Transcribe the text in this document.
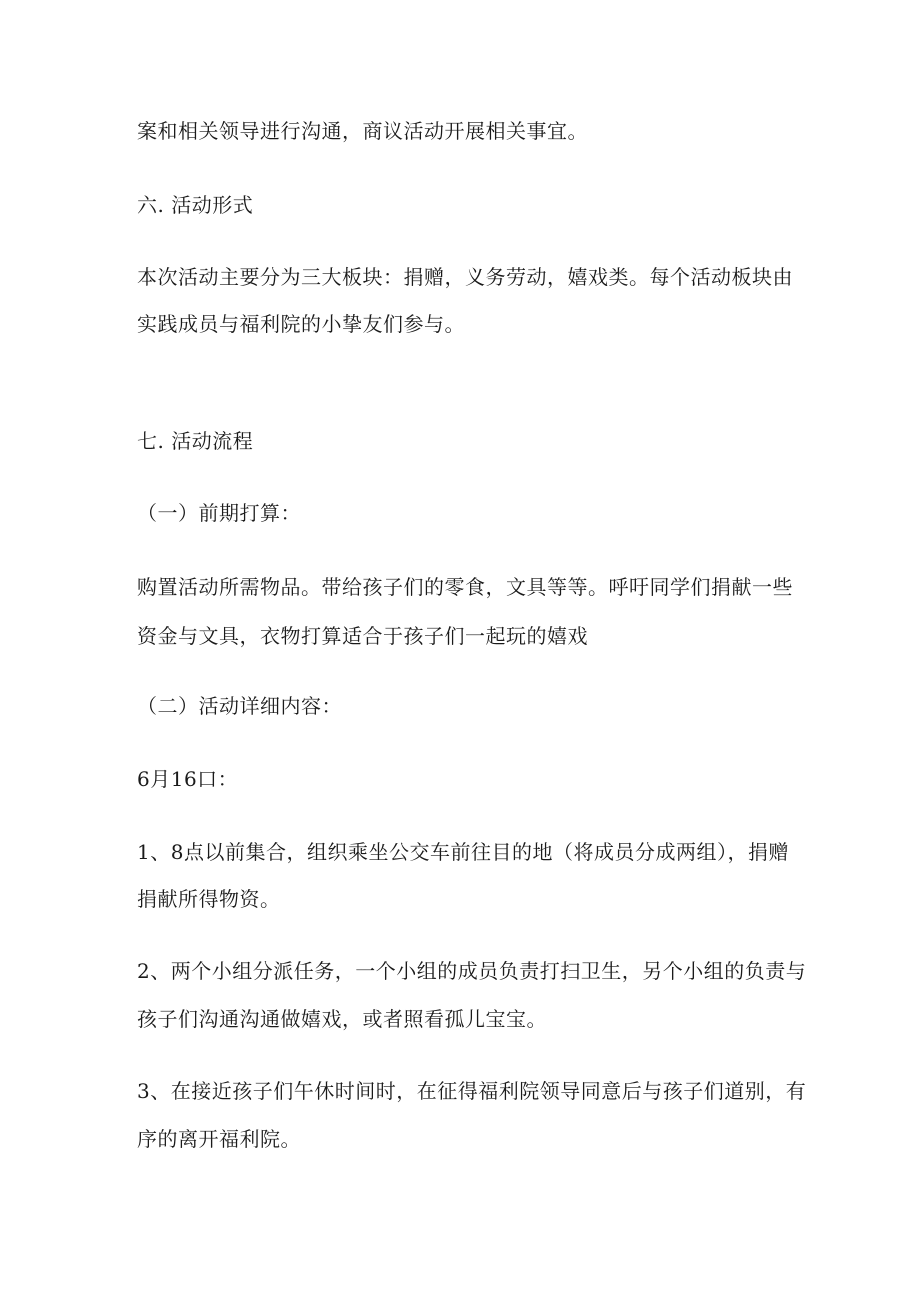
案和相关领导进行沟通，商议活动开展相关事宜。
六. 活动形式
本次活动主要分为三大板块：捐赠，义务劳动，嬉戏类。每个活动板块由
实践成员与福利院的小挚友们参与。
七. 活动流程
（一）前期打算：
购置活动所需物品。带给孩子们的零食，文具等等。呼吁同学们捐献一些
资金与文具，衣物打算适合于孩子们一起玩的嬉戏
（二）活动详细内容：
6月16口：
1、8点以前集合，组织乘坐公交车前往目的地（将成员分成两组），捐赠
捐献所得物资。
2、两个小组分派任务，一个小组的成员负责打扫卫生，另个小组的负责与
孩子们沟通沟通做嬉戏，或者照看孤儿宝宝。
3、在接近孩子们午休时间时，在征得福利院领导同意后与孩子们道别，有
序的离开福利院。
